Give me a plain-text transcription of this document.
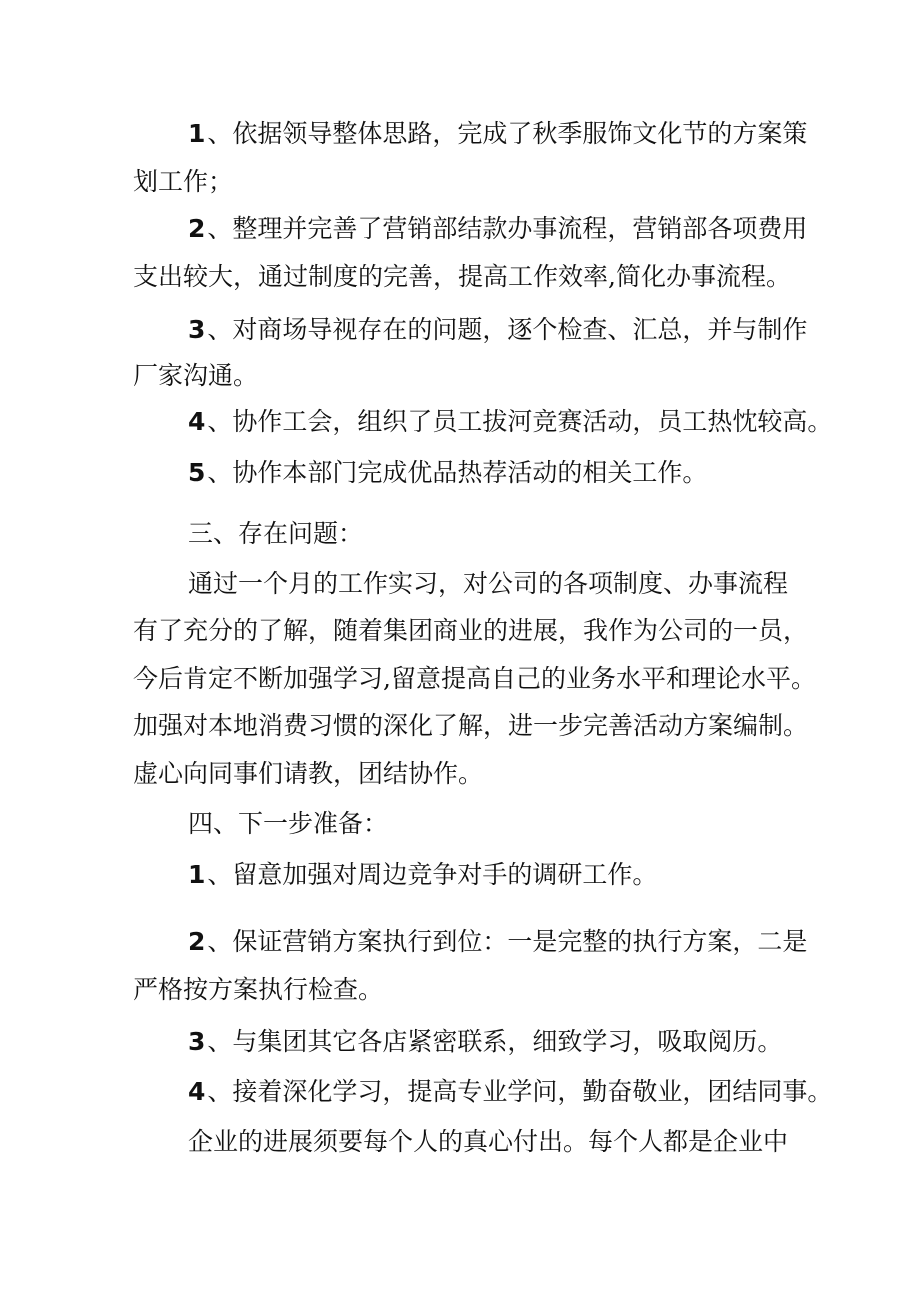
1、依据领导整体思路，完成了秋季服饰文化节的方案策
划工作；
2、整理并完善了营销部结款办事流程，营销部各项费用
支出较大，通过制度的完善，提高工作效率,简化办事流程。
3、对商场导视存在的问题，逐个检查、汇总，并与制作
厂家沟通。
4、协作工会，组织了员工拔河竞赛活动，员工热忱较高。
5、协作本部门完成优品热荐活动的相关工作。
三、存在问题：
通过一个月的工作实习，对公司的各项制度、办事流程
有了充分的了解，随着集团商业的进展，我作为公司的一员，
今后肯定不断加强学习,留意提高自己的业务水平和理论水平。
加强对本地消费习惯的深化了解，进一步完善活动方案编制。
虚心向同事们请教，团结协作。
四、下一步准备：
1、留意加强对周边竞争对手的调研工作。
2、保证营销方案执行到位：一是完整的执行方案，二是
严格按方案执行检查。
3、与集团其它各店紧密联系，细致学习，吸取阅历。
4、接着深化学习，提高专业学问，勤奋敬业，团结同事。
企业的进展须要每个人的真心付出。每个人都是企业中
